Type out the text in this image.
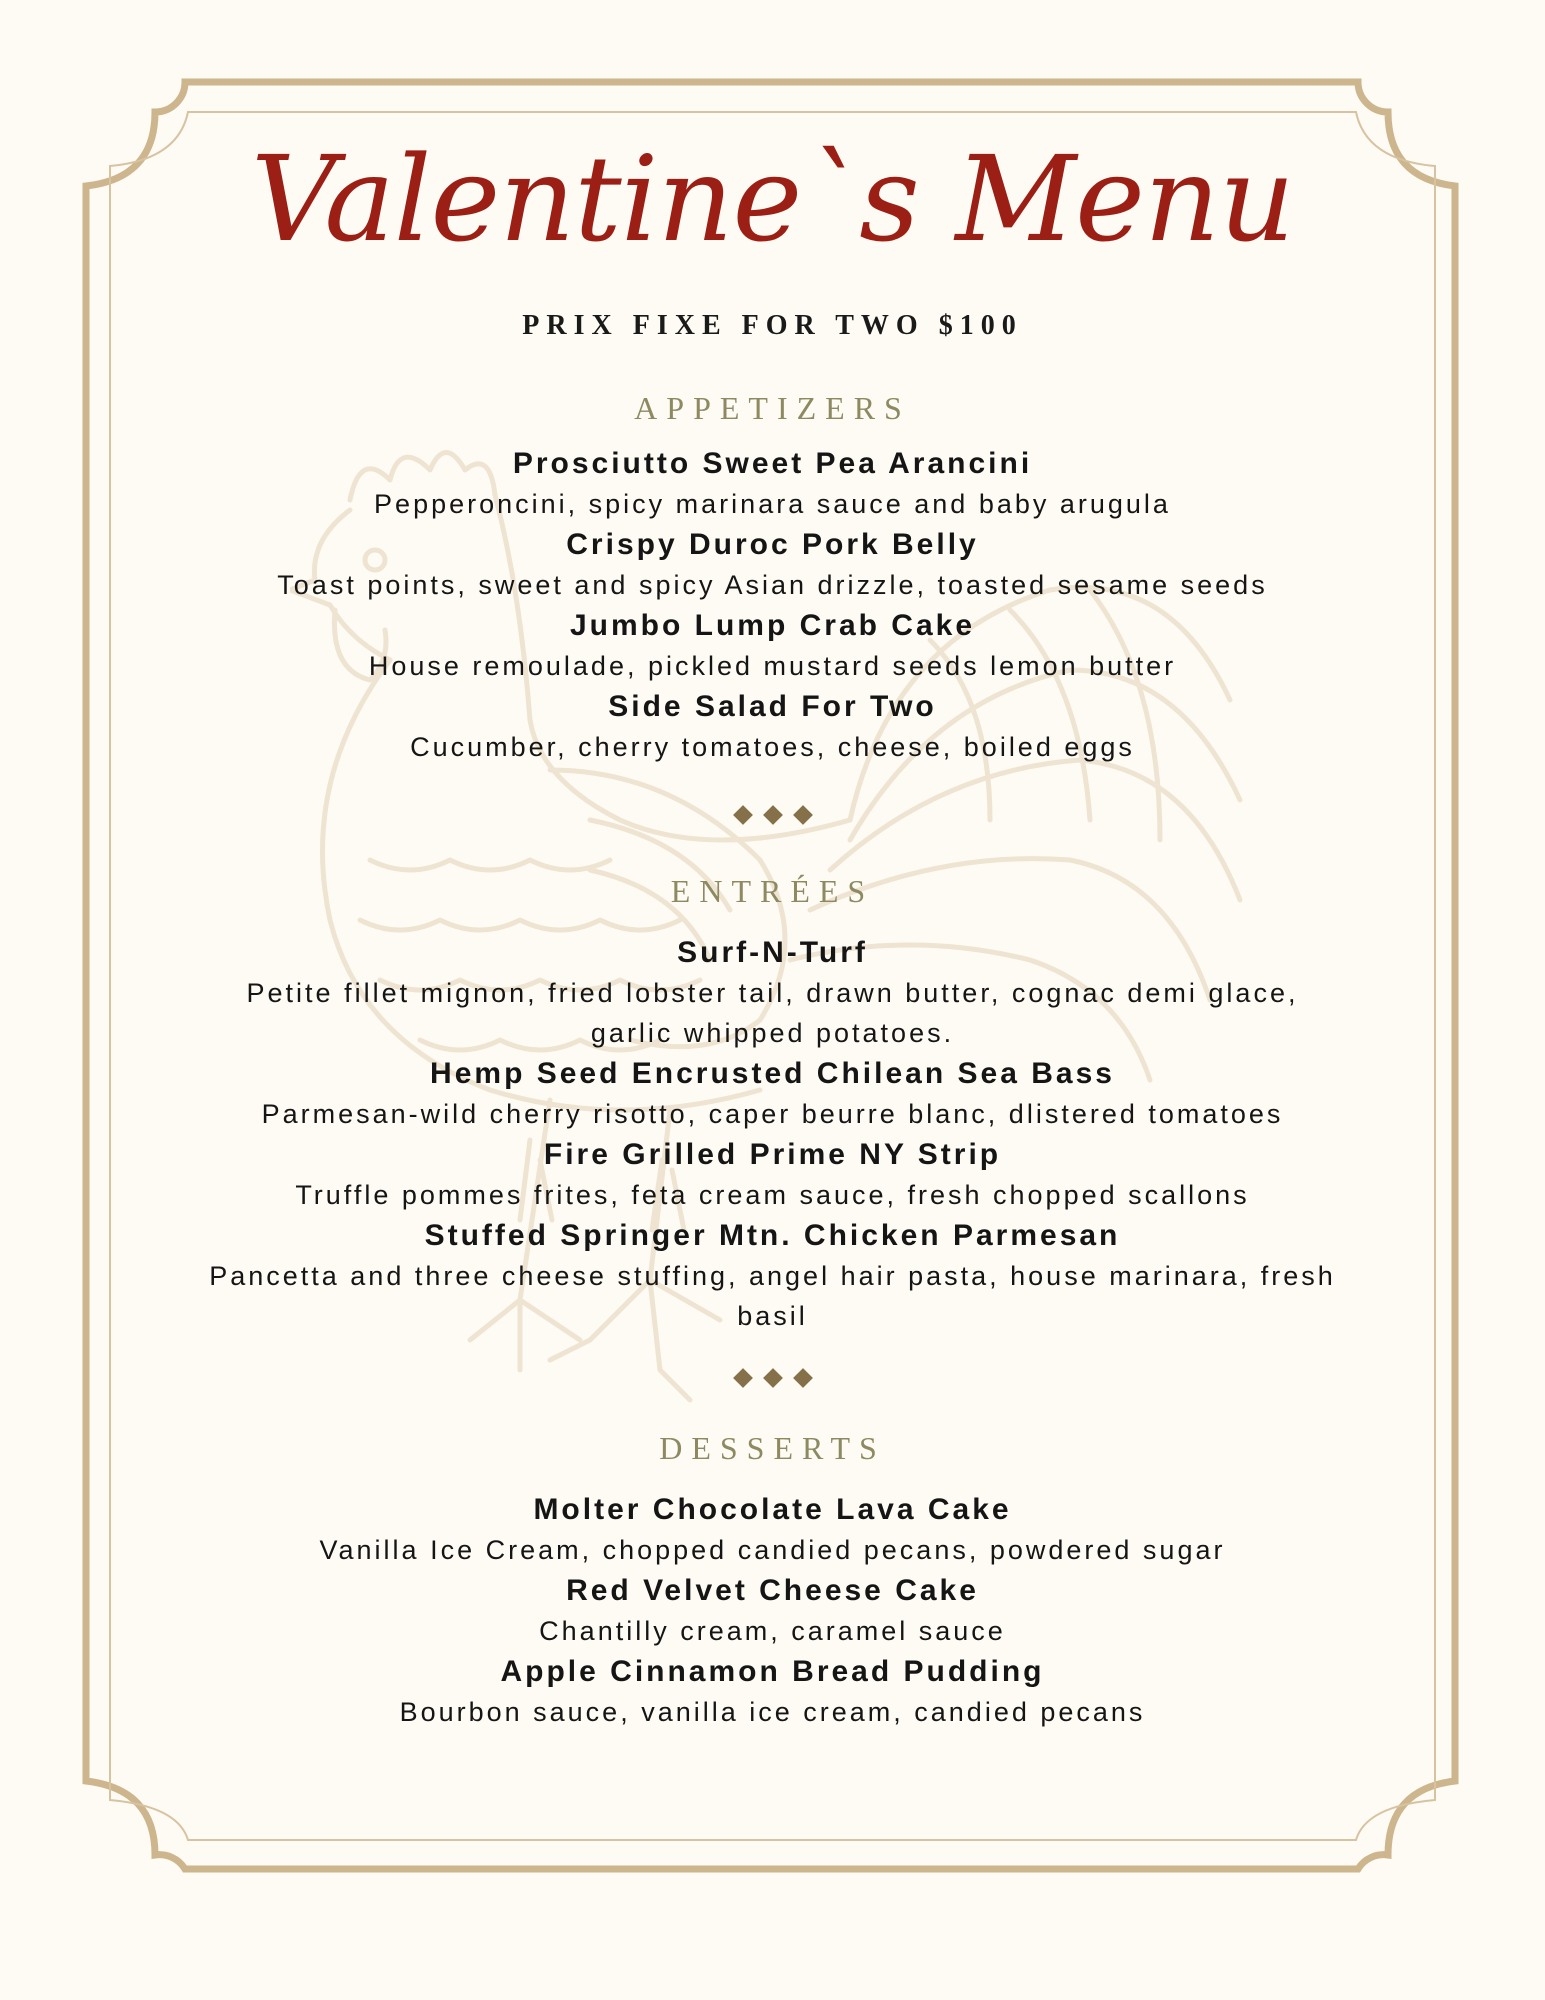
Valentine`s Menu
PRIX FIXE FOR TWO $100
APPETIZERS
Prosciutto Sweet Pea Arancini
Pepperoncini, spicy marinara sauce and baby arugula
Crispy Duroc Pork Belly
Toast points, sweet and spicy Asian drizzle, toasted sesame seeds
Jumbo Lump Crab Cake
House remoulade, pickled mustard seeds lemon butter
Side Salad For Two
Cucumber, cherry tomatoes, cheese, boiled eggs
ENTRÉES
Surf-N-Turf
Petite fillet mignon, fried lobster tail, drawn butter, cognac demi glace, garlic whipped potatoes.
Hemp Seed Encrusted Chilean Sea Bass
Parmesan-wild cherry risotto, caper beurre blanc, dlistered tomatoes
Fire Grilled Prime NY Strip
Truffle pommes frites, feta cream sauce, fresh chopped scallons
Stuffed Springer Mtn. Chicken Parmesan
Pancetta and three cheese stuffing, angel hair pasta, house marinara, fresh basil
DESSERTS
Molter Chocolate Lava Cake
Vanilla Ice Cream, chopped candied pecans, powdered sugar
Red Velvet Cheese Cake
Chantilly cream, caramel sauce
Apple Cinnamon Bread Pudding
Bourbon sauce, vanilla ice cream, candied pecans
